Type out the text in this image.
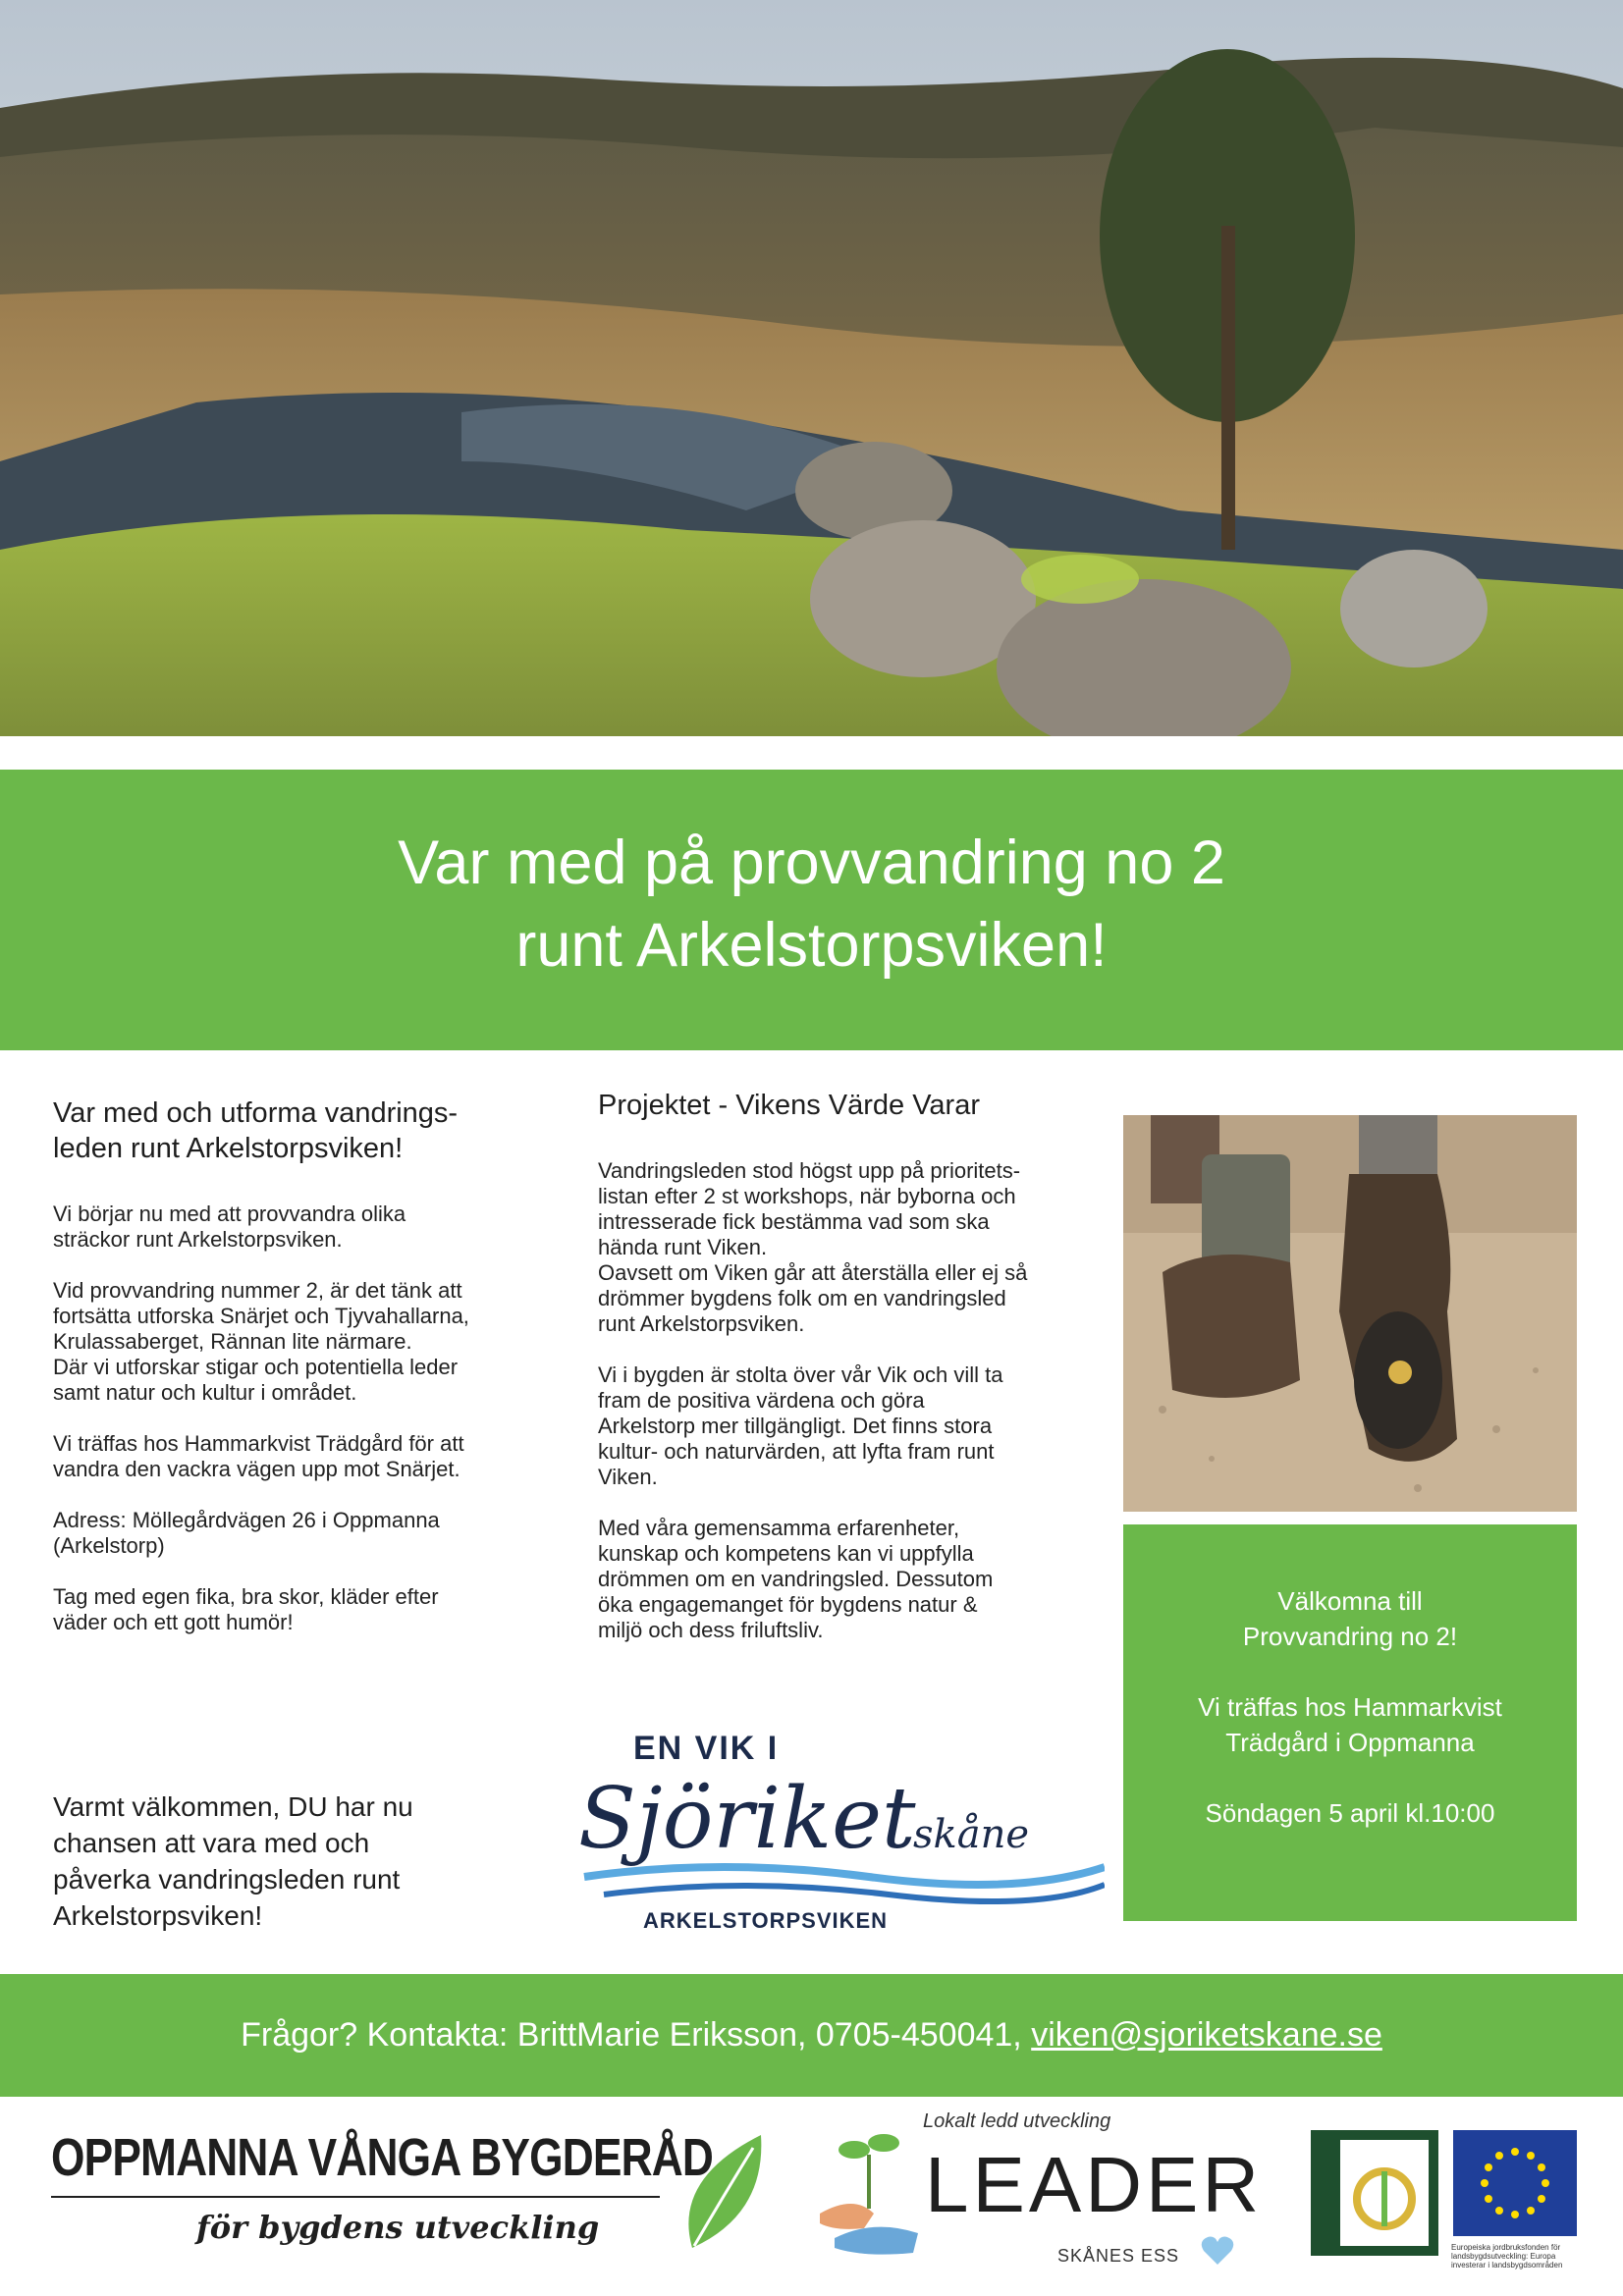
Var med på provvandring no 2
runt Arkelstorpsviken!
Var med och utforma vandrings-
leden runt Arkelstorpsviken!
Vi börjar nu med att provvandra olika
sträckor runt Arkelstorpsviken.
Vid provvandring nummer 2, är det tänk att
fortsätta utforska Snärjet och Tjyvahallarna,
Krulassaberget, Rännan lite närmare.
Där vi utforskar stigar och potentiella leder
samt natur och kultur i området.
Vi träffas hos Hammarkvist Trädgård för att
vandra den vackra vägen upp mot Snärjet.
Adress: Möllegårdvägen 26 i Oppmanna
(Arkelstorp)
Tag med egen fika, bra skor, kläder efter
väder och ett gott humör!
Varmt välkommen, DU har nu
chansen att vara med och
påverka vandringsleden runt
Arkelstorpsviken!
Projektet - Vikens Värde Varar
Vandringsleden stod högst upp på prioritets-
listan efter 2 st workshops, när byborna och
intresserade fick bestämma vad som ska
hända runt Viken.
Oavsett om Viken går att återställa eller ej så
drömmer bygdens folk om en vandringsled
runt Arkelstorpsviken.
Vi i bygden är stolta över vår Vik och vill ta
fram de positiva värdena och göra
Arkelstorp mer tillgängligt. Det finns stora
kultur- och naturvärden, att lyfta fram runt
Viken.
Med våra gemensamma erfarenheter,
kunskap och kompetens kan vi uppfylla
drömmen om en vandringsled. Dessutom
öka engagemanget för bygdens natur &
miljö och dess friluftsliv.

Välkomna till

Provvandring no 2!

Vi träffas hos Hammarkvist

Trädgård i Oppmanna

Söndagen 5 april kl.10:00

EN VIK I
Sjöriket
skåne
ARKELSTORPSVIKEN
Frågor? Kontakta: BrittMarie Eriksson, 0705-450041, viken@sjoriketskane.se
OPPMANNA VÅNGA BYGDERÅD
för bygdens utveckling
Lokalt ledd utveckling
LEADER
SKÅNES ESS	Europeiska jordbruksfonden för landsbygdsutveckling: Europa investerar i landsbygdsområden
